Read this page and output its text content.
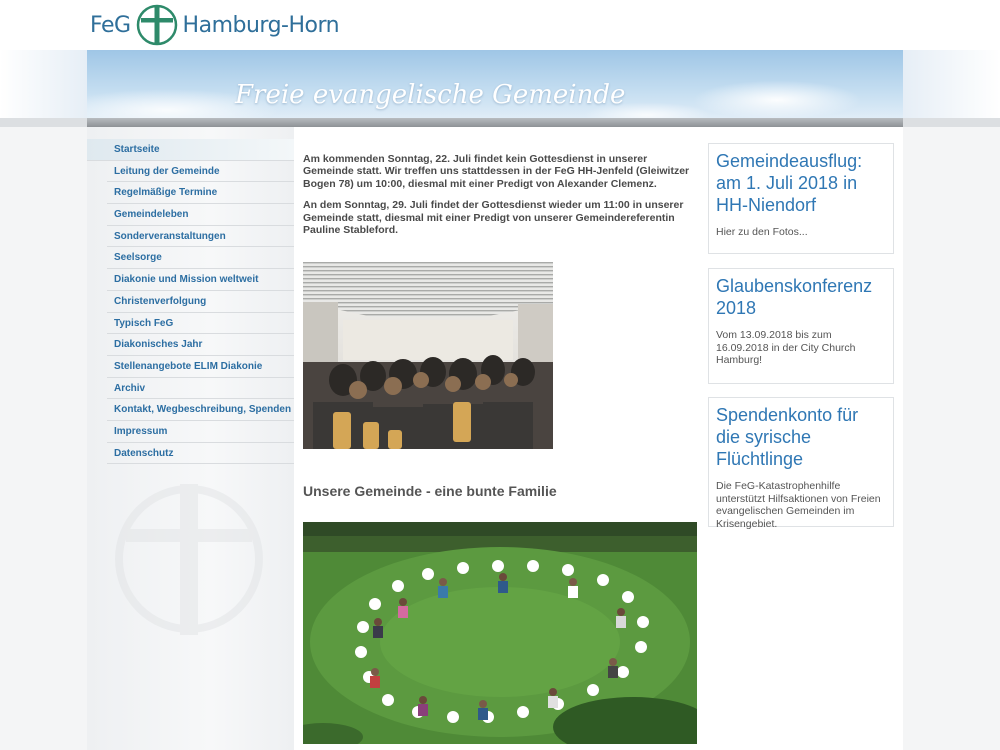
FeG Hamburg-Horn
Freie evangelische Gemeinde
Startseite
Leitung der Gemeinde
Regelmäßige Termine
Gemeindeleben
Sonderveranstaltungen
Seelsorge
Diakonie und Mission weltweit
Christenverfolgung
Typisch FeG
Diakonisches Jahr
Stellenangebote ELIM Diakonie
Archiv
Kontakt, Wegbeschreibung, Spenden
Impressum
Datenschutz

Am kommenden Sonntag, 22. Juli findet kein Gottesdienst in unserer Gemeinde statt. Wir treffen uns stattdessen in der FeG HH-Jenfeld (Gleiwitzer Bogen 78) um 10:00, diesmal mit einer Predigt von Alexander Clemenz.

An dem Sonntag, 29. Juli findet der Gottesdienst wieder um 11:00 in unserer Gemeinde statt, diesmal mit einer Predigt von unserer Gemeindereferentin Pauline Stableford.

Unsere Gemeinde - eine bunte Familie
Gemeindeausflug: am 1. Juli 2018 in HH-Niendorf

Hier zu den Fotos...

Glaubenskonferenz 2018

Vom 13.09.2018 bis zum 16.09.2018 in der City Church Hamburg!

Spendenkonto für die syrische Flüchtlinge

Die FeG-Katastrophenhilfe unterstützt Hilfsaktionen von Freien evangelischen Gemeinden im Krisengebiet.
